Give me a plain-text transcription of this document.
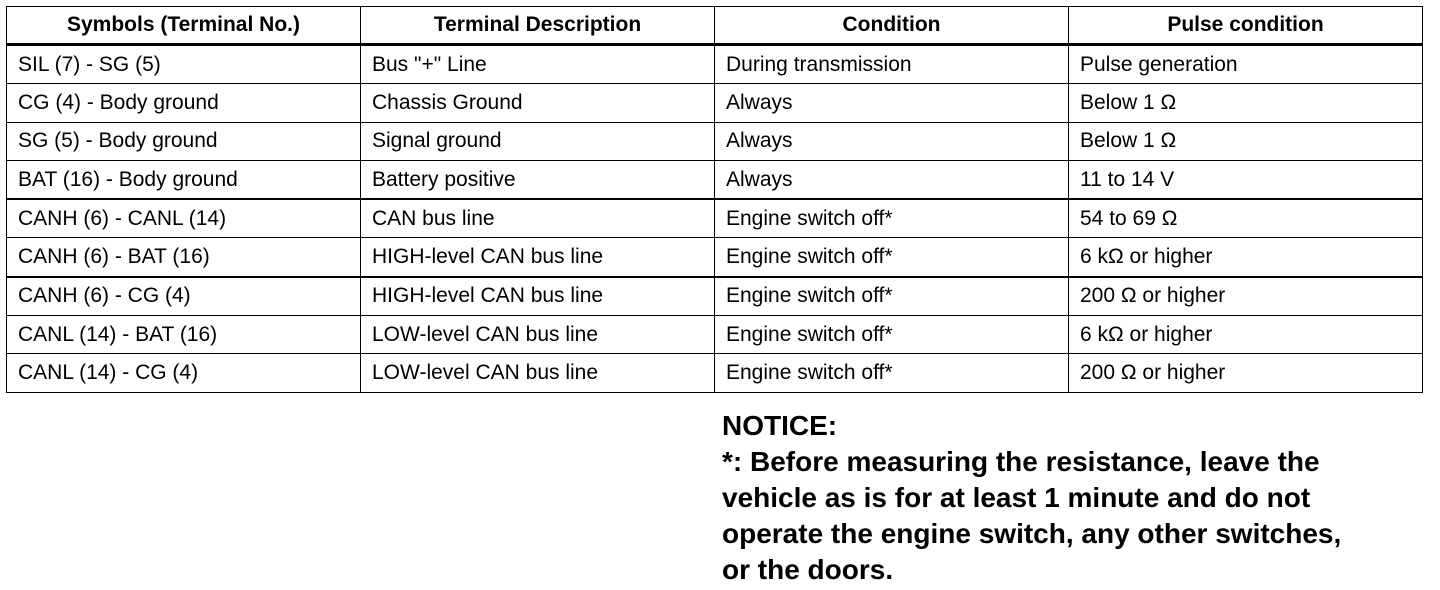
Symbols (Terminal No.)	Terminal Description	Condition	Pulse condition
SIL (7) - SG (5)	Bus "+" Line	During transmission	Pulse generation
CG (4) - Body ground	Chassis Ground	Always	Below 1 Ω
SG (5) - Body ground	Signal ground	Always	Below 1 Ω
BAT (16) - Body ground	Battery positive	Always	11 to 14 V
CANH (6) - CANL (14)	CAN bus line	Engine switch off*	54 to 69 Ω
CANH (6) - BAT (16)	HIGH-level CAN bus line	Engine switch off*	6 kΩ or higher
CANH (6) - CG (4)	HIGH-level CAN bus line	Engine switch off*	200 Ω or higher
CANL (14) - BAT (16)	LOW-level CAN bus line	Engine switch off*	6 kΩ or higher
CANL (14) - CG (4)	LOW-level CAN bus line	Engine switch off*	200 Ω or higher
NOTICE:
*: Before measuring the resistance, leave the
vehicle as is for at least 1 minute and do not
operate the engine switch, any other switches,
or the doors.
